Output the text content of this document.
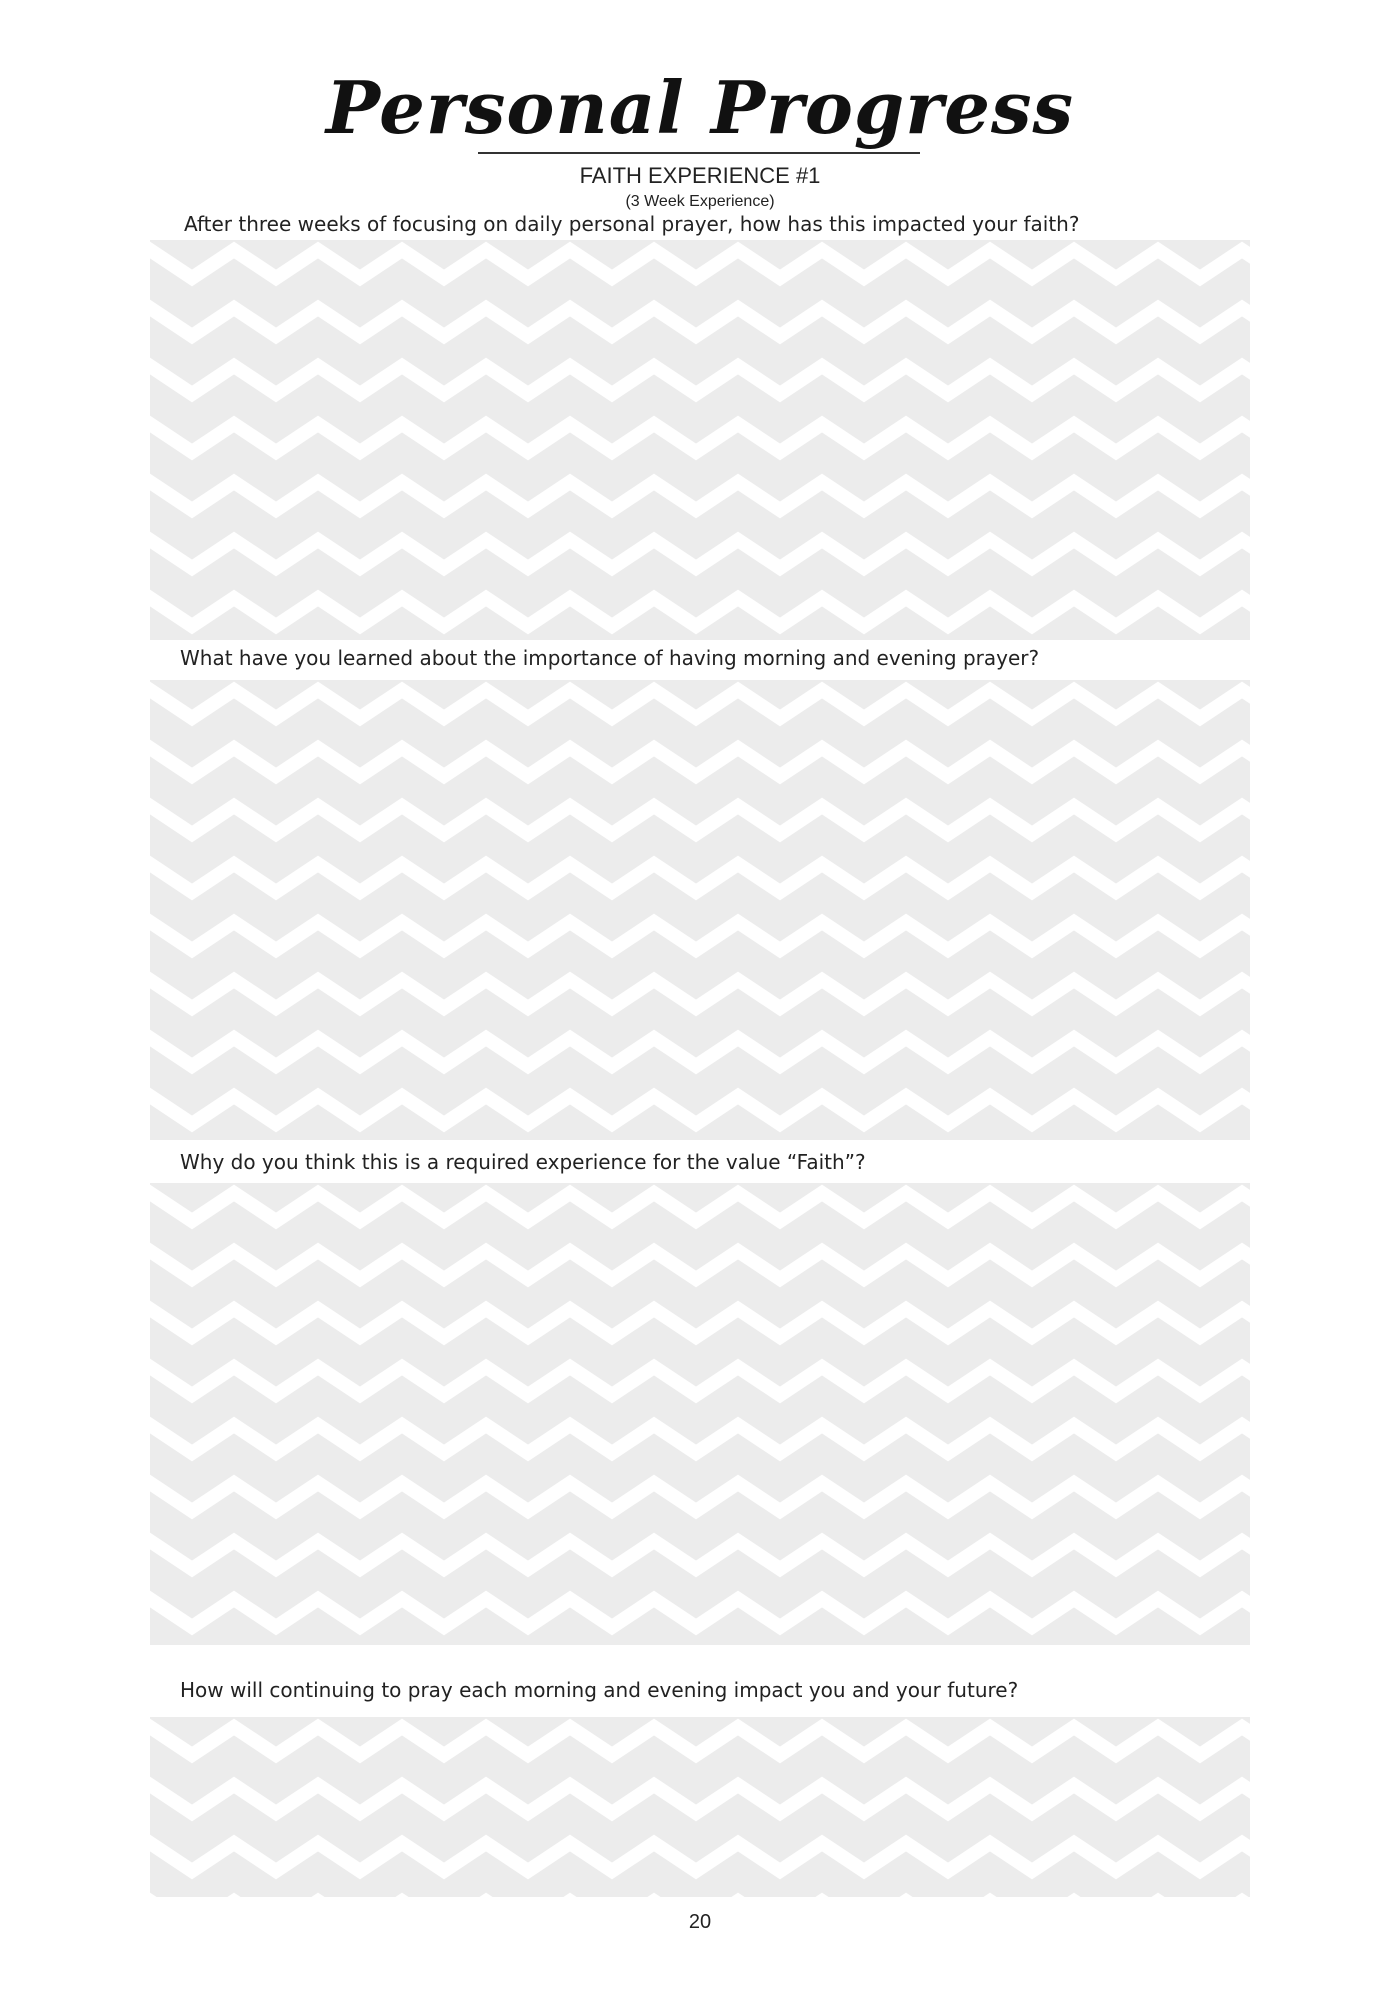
Personal Progress
FAITH EXPERIENCE #1
(3 Week Experience)
After three weeks of focusing on daily personal prayer, how has this impacted your faith?
What have you learned about the importance of having morning and evening prayer?
Why do you think this is a required experience for the value “Faith”?
How will continuing to pray each morning and evening impact you and your future?
20
